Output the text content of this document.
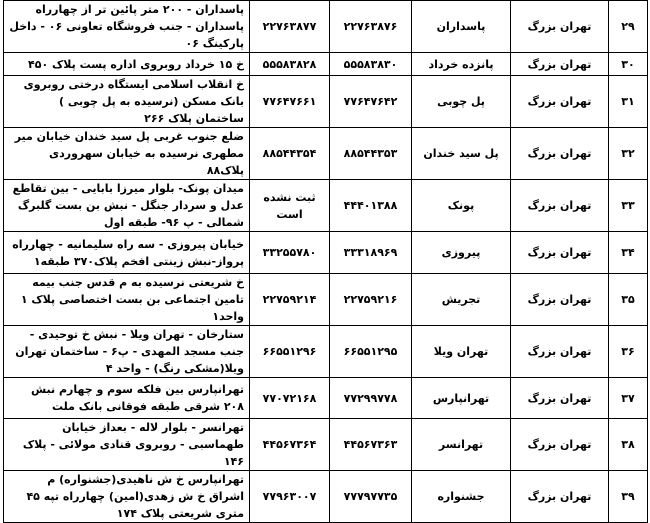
۲۹	تهران بزرگ	پاسداران	۲۲۷۶۳۸۷۶	۲۲۷۶۳۸۷۷	پاسداران - ۲۰۰ متر پائین تر از چهارراه پاسداران - جنب فروشگاه تعاونی ۰۶ - داخل پارکینگ ۰۶
۳۰	تهران بزرگ	پانزده خرداد	۵۵۵۸۳۸۳۰	۵۵۵۸۳۸۲۸	خ ۱۵ خرداد روبروی اداره پست پلاک ۴۵۰
۳۱	تهران بزرگ	پل چوبی	۷۷۶۴۷۶۴۲	۷۷۶۴۷۶۶۱	خ انقلاب اسلامی ایستگاه درختی روبروی بانک مسکن (نرسیده به پل چوبی ) ساختمان پلاک ۲۶۶
۳۲	تهران بزرگ	پل سید خندان	۸۸۵۴۴۳۵۳	۸۸۵۴۴۳۵۴	ضلع جنوب غربی پل سید خندان خیابان میر مطهری نرسیده به خیابان سهروردی پلاک۸۸
۳۳	تهران بزرگ	پونک	۴۴۴۰۱۳۸۸	ثبت نشده است	میدان پونک- بلوار میرزا بابایی - بین تقاطع عدل و سردار جنگل - نبش بن بست گلبرگ شمالی - پ ۹۶- طبقه اول
۳۴	تهران بزرگ	پیروزی	۳۳۳۱۸۹۶۹	۳۳۲۵۵۷۸۰	خیابان پیروزی - سه راه سلیمانیه - چهارراه پرواز-نبش زینتی افخم پلاک۳۷۰ طبقه۱
۳۵	تهران بزرگ	تجریش	۲۲۷۵۹۲۱۶	۲۲۷۵۹۲۱۴	خ شریعتی نرسیده به م قدس جنب بیمه تامین اجتماعی بن بست اختصاصی پلاک ۱ واحد۱
۳۶	تهران بزرگ	تهران ویلا	۶۶۵۵۱۲۹۵	۶۶۵۵۱۲۹۶	ستارخان - تهران ویلا - نبش خ توحیدی - جنب مسجد المهدی - پ۶ - ساختمان تهران ویلا(مشکی رنگ) - واحد ۴
۳۷	تهران بزرگ	تهرانپارس	۷۷۲۹۹۷۷۸	۷۷۰۷۲۱۶۸	تهرانپارس بین فلکه سوم و چهارم نبش ۲۰۸ شرقی طبقه فوقانی بانک ملت
۳۸	تهران بزرگ	تهرانسر	۴۴۵۶۷۳۶۳	۴۴۵۶۷۳۶۴	تهرانسر - بلوار لاله - بعداز خیابان طهماسبی - روبروی قنادی مولائی - پلاک ۱۴۶
۳۹	تهران بزرگ	جشنواره	۷۷۷۹۷۷۳۵	۷۷۹۶۳۰۰۷	تهرانپارس خ ش ناهیدی(جشنواره) م اشراق خ ش زهدی(امین) چهارراه تپه ۴۵ متری شریعتی پلاک ۱۷۴
